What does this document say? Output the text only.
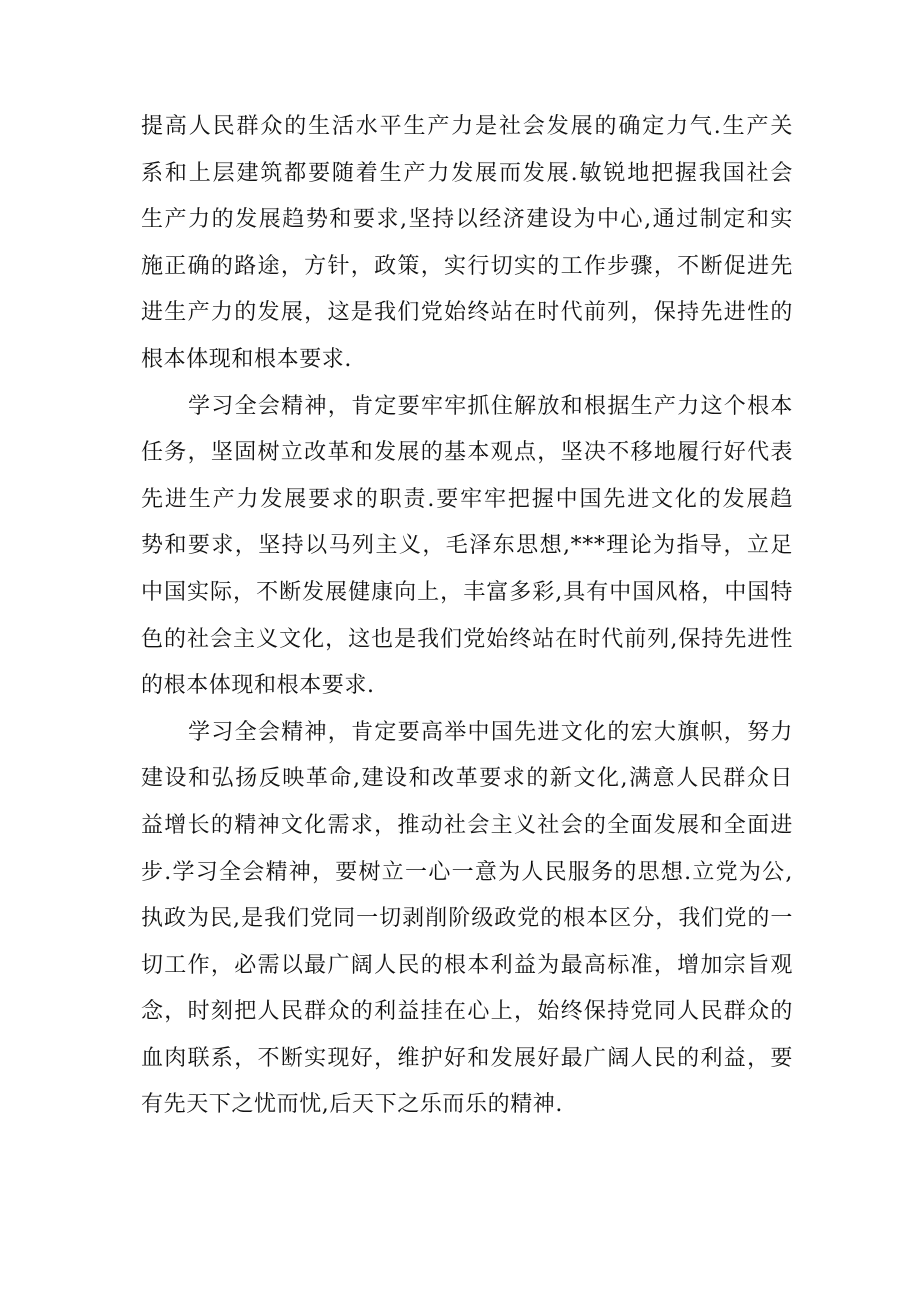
提高人民群众的生活水平生产力是社会发展的确定力气.生产关
系和上层建筑都要随着生产力发展而发展.敏锐地把握我国社会
生产力的发展趋势和要求,坚持以经济建设为中心,通过制定和实
施正确的路途，方针，政策，实行切实的工作步骤，不断促进先
进生产力的发展，这是我们党始终站在时代前列，保持先进性的
根本体现和根本要求.
学习全会精神，肯定要牢牢抓住解放和根据生产力这个根本
任务，坚固树立改革和发展的基本观点，坚决不移地履行好代表
先进生产力发展要求的职责.要牢牢把握中国先进文化的发展趋
势和要求，坚持以马列主义，毛泽东思想,***理论为指导，立足
中国实际，不断发展健康向上，丰富多彩,具有中国风格，中国特
色的社会主义文化，这也是我们党始终站在时代前列,保持先进性
的根本体现和根本要求.
学习全会精神，肯定要高举中国先进文化的宏大旗帜，努力
建设和弘扬反映革命,建设和改革要求的新文化,满意人民群众日
益增长的精神文化需求，推动社会主义社会的全面发展和全面进
步.学习全会精神，要树立一心一意为人民服务的思想.立党为公,
执政为民,是我们党同一切剥削阶级政党的根本区分，我们党的一
切工作，必需以最广阔人民的根本利益为最高标准，增加宗旨观
念，时刻把人民群众的利益挂在心上，始终保持党同人民群众的
血肉联系，不断实现好，维护好和发展好最广阔人民的利益，要
有先天下之忧而忧,后天下之乐而乐的精神.
